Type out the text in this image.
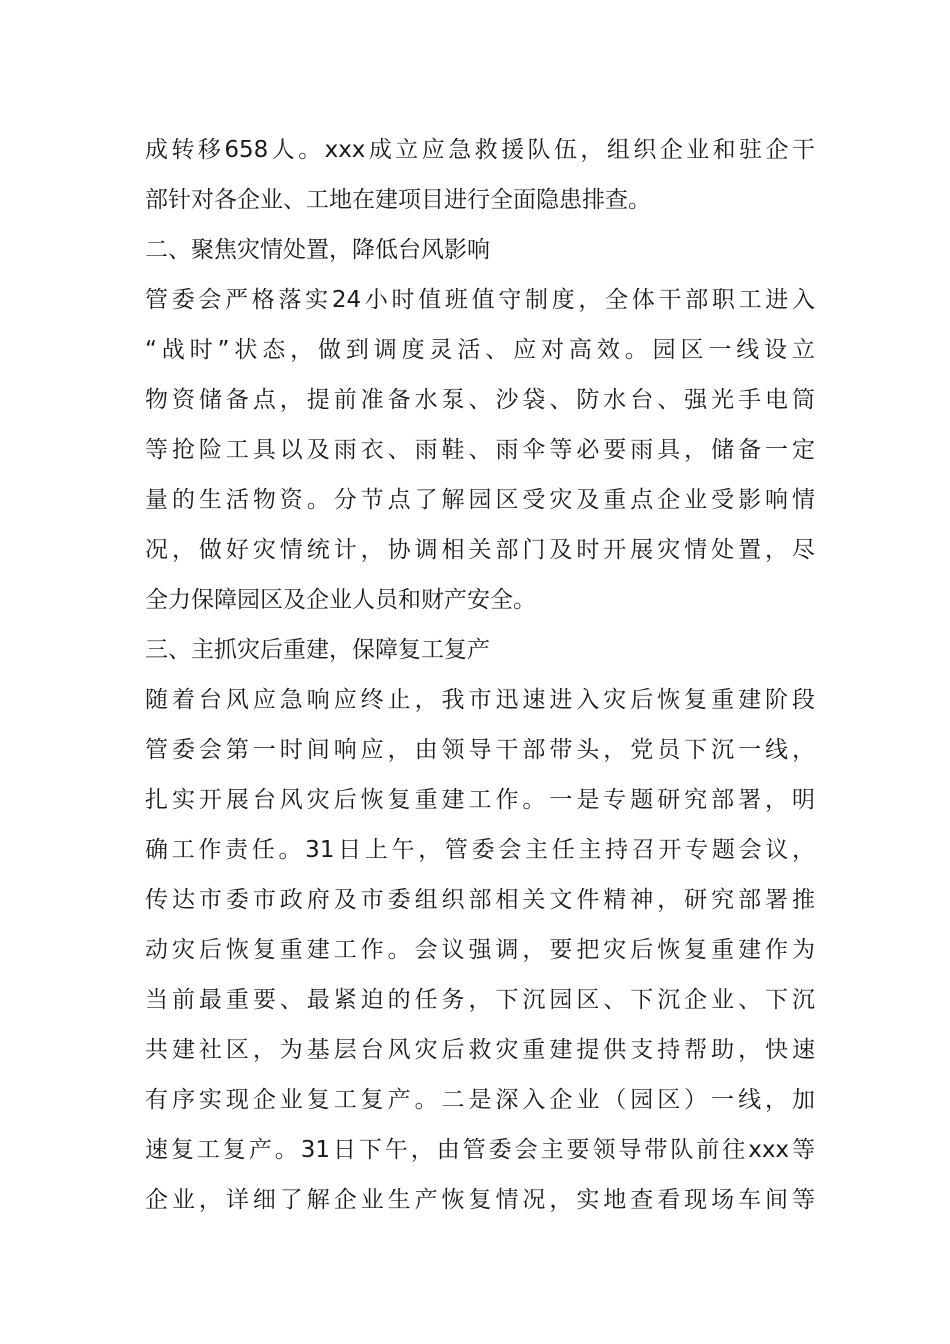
成转移658人。xxx成立应急救援队伍，组织企业和驻企干
部针对各企业、工地在建项目进行全面隐患排查。
二、聚焦灾情处置，降低台风影响
管委会严格落实24小时值班值守制度，全体干部职工进入
“战时”状态，做到调度灵活、应对高效。园区一线设立
物资储备点，提前准备水泵、沙袋、防水台、强光手电筒
等抢险工具以及雨衣、雨鞋、雨伞等必要雨具，储备一定
量的生活物资。分节点了解园区受灾及重点企业受影响情
况，做好灾情统计，协调相关部门及时开展灾情处置，尽
全力保障园区及企业人员和财产安全。
三、主抓灾后重建，保障复工复产
随着台风应急响应终止，我市迅速进入灾后恢复重建阶段
管委会第一时间响应，由领导干部带头，党员下沉一线，
扎实开展台风灾后恢复重建工作。一是专题研究部署，明
确工作责任。31日上午，管委会主任主持召开专题会议，
传达市委市政府及市委组织部相关文件精神，研究部署推
动灾后恢复重建工作。会议强调，要把灾后恢复重建作为
当前最重要、最紧迫的任务，下沉园区、下沉企业、下沉
共建社区，为基层台风灾后救灾重建提供支持帮助，快速
有序实现企业复工复产。二是深入企业（园区）一线，加
速复工复产。31日下午，由管委会主要领导带队前往xxx等
企业，详细了解企业生产恢复情况，实地查看现场车间等
